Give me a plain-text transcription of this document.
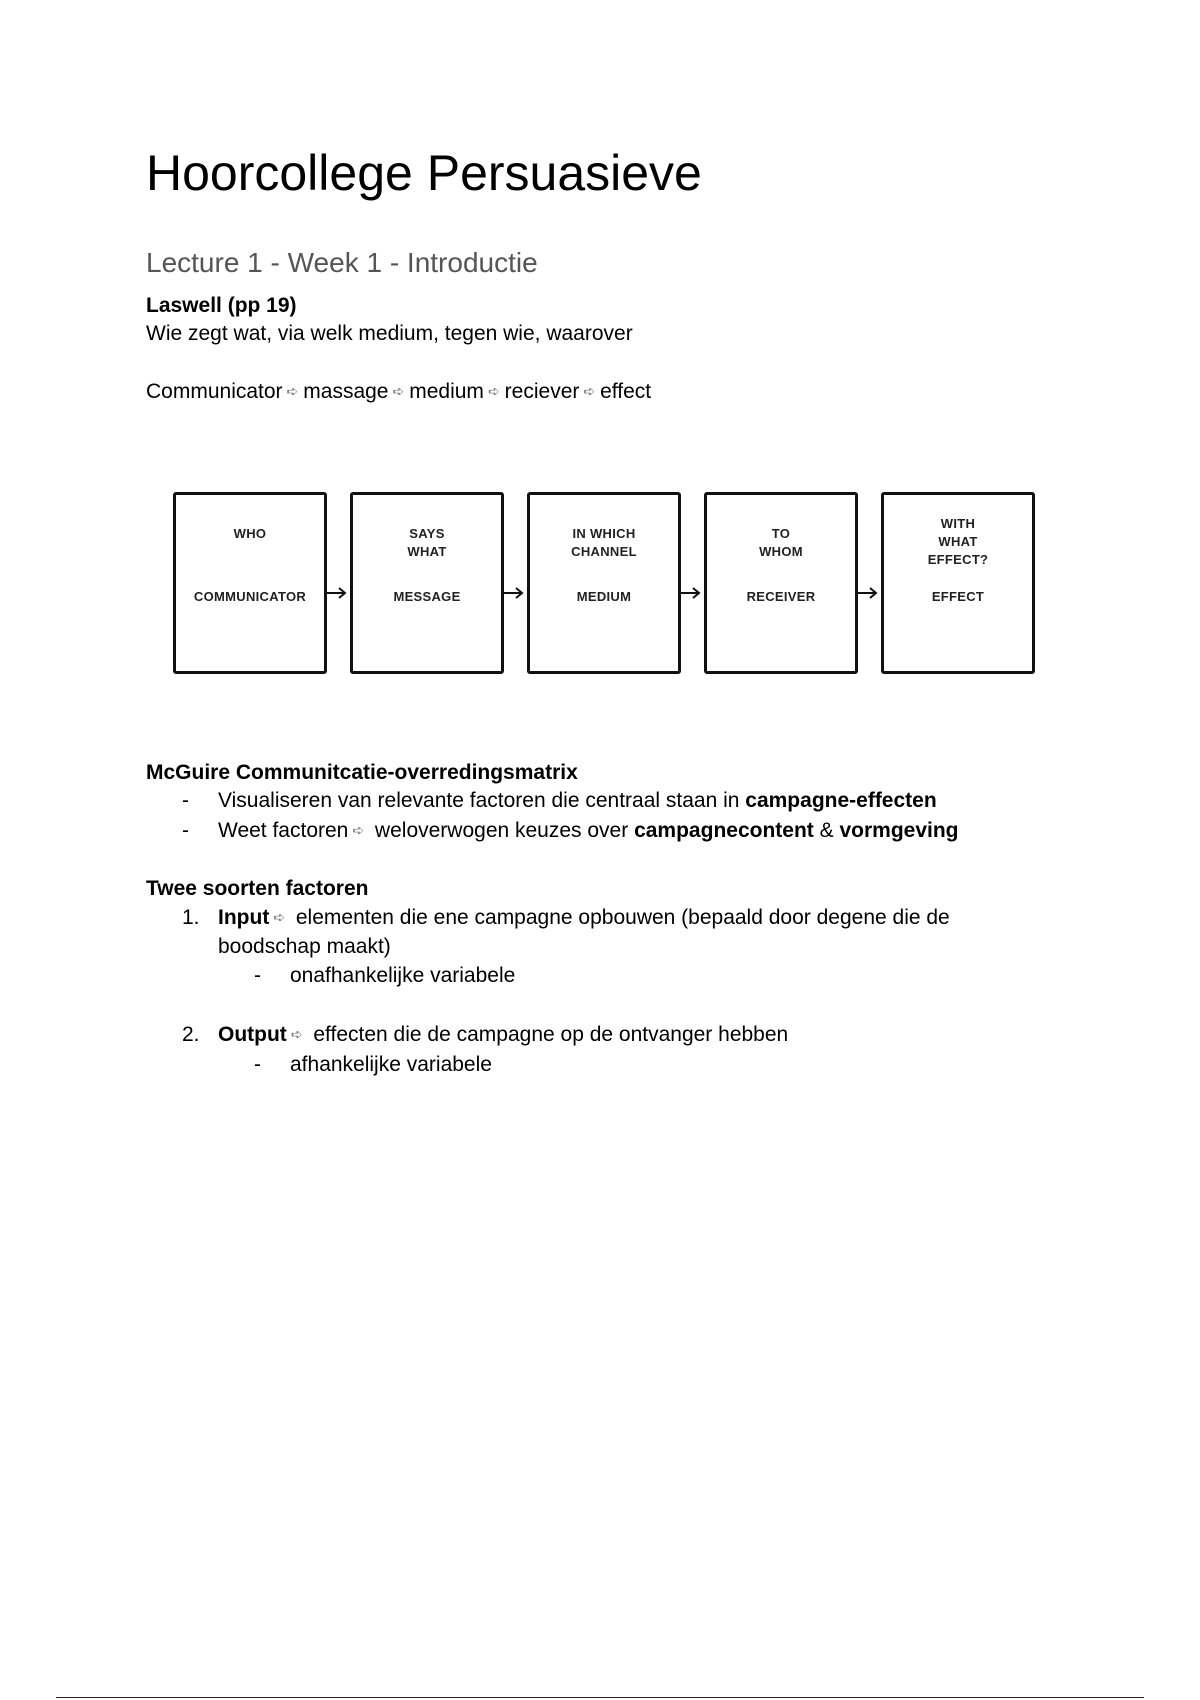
Hoorcollege Persuasieve
Lecture 1 - Week 1 - Introductie

Laswell (pp 19)

Wie zegt wat, via welk medium, tegen wie, waarover

Communicator ➪ massage ➪ medium ➪ reciever ➪ effect

WHO
COMMUNICATOR
SAYS
WHAT
MESSAGE
IN WHICH
CHANNEL
MEDIUM
TO
WHOM
RECEIVER
WITH
WHAT
EFFECT?
EFFECT

McGuire Communitcatie-overredingsmatrix

- Visualiseren van relevante factoren die centraal staan in campagne-effecten
- Weet factoren ➪ weloverwogen keuzes over campagnecontent & vormgeving

Twee soorten factoren

1. Input ➪ elementen die ene campagne opbouwen (bepaald door degene die de
boodschap maakt)
- onafhankelijke variabele
2. Output ➪ effecten die de campagne op de ontvanger hebben
- afhankelijke variabele
